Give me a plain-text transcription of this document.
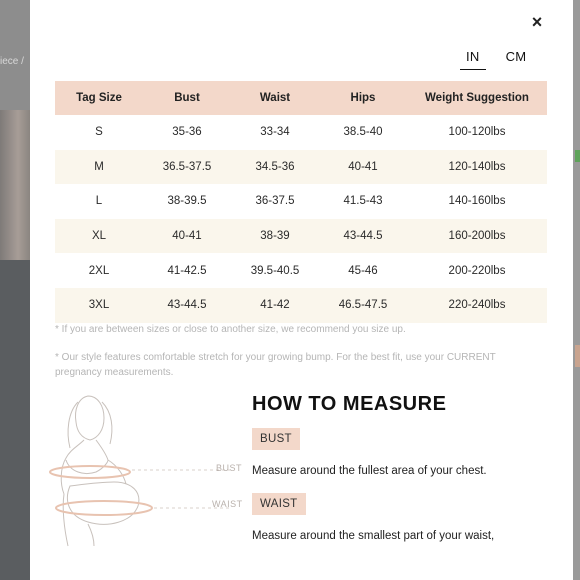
iece /
×
IN	CM
Tag Size	Bust	Waist	Hips	Weight Suggestion
S	35-36	33-34	38.5-40	100-120lbs
M	36.5-37.5	34.5-36	40-41	120-140lbs
L	38-39.5	36-37.5	41.5-43	140-160lbs
XL	40-41	38-39	43-44.5	160-200lbs
2XL	41-42.5	39.5-40.5	45-46	200-220lbs
3XL	43-44.5	41-42	46.5-47.5	220-240lbs
* If you are between sizes or close to another size, we recommend you size up.
* Our style features comfortable stretch for your growing bump. For the best fit, use your CURRENT pregnancy measurements.
BUST
WAIST
HOW TO MEASURE
BUST
Measure around the fullest area of your chest.
WAIST
Measure around the smallest part of your waist,
